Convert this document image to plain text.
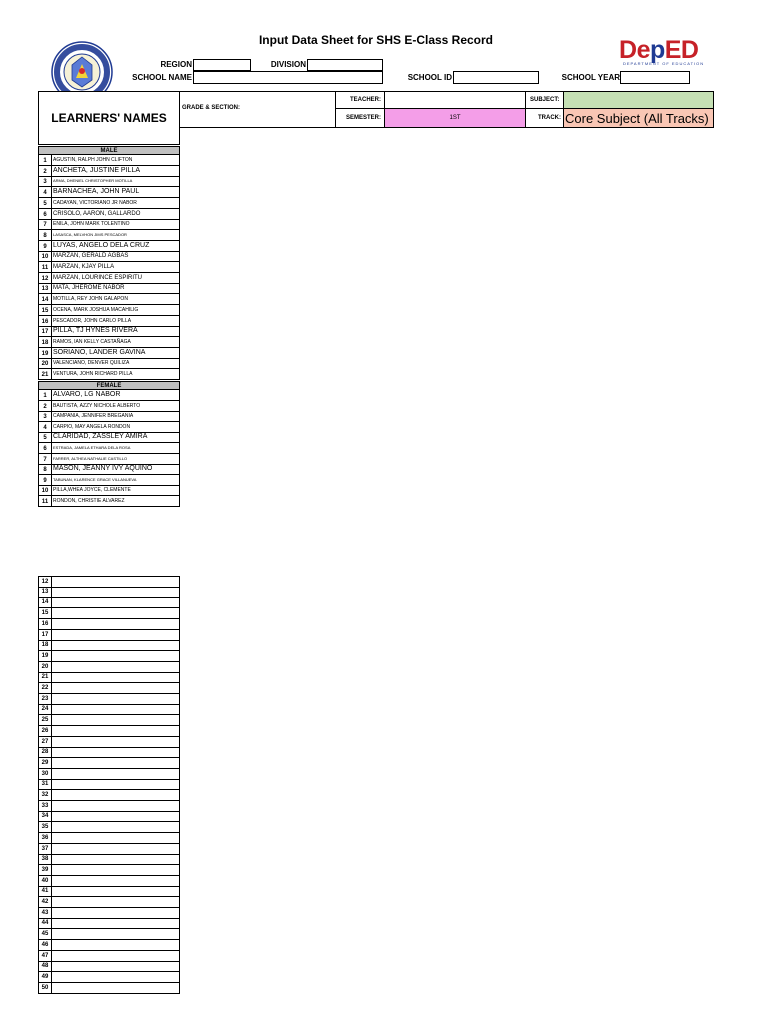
Input Data Sheet for SHS E-Class Record	DepED
DEPARTMENT OF EDUCATION
REGION	DIVISION
SCHOOL NAME	SCHOOL ID	SCHOOL YEAR
LEARNERS' NAMES
GRADE & SECTION:
TEACHER:	SUBJECT:
SEMESTER:	1ST	TRACK: Core Subject (All Tracks)
MALE
1	AGUSTIN, RALPH JOHN CLIFTON
2 ANCHETA, JUSTINE PILLA
3	ARMA, DHENIEL CHRISTOPHER MOTILLA
4 BARNACHEA, JOHN PAUL
5	CADAYAN, VICTORIANO JR NABOR
6	CRISOLO, AARON, GALLARDO
7	ENILA, JOHN MARK TOLENTINO
8	LASASCA, MELVHON JIMS PESCADOR
9 LUYAS, ANGELO DELA CRUZ
10 MARZAN, GERALD AGBAS
11 MARZAN, KJAY PILLA
12 MARZAN, LOURINCE ESPIRITU
13 MATA, JHEROME NABOR
14 MOTILLA, REY JOHN GALAPON
15 OCENA, MARK JOSHUA MACAHILIG
16 PESCADOR, JOHN CARLO PILLA
17 PILLA, TJ HYNES RIVERA
18 RAMOS, IAN KELLY CASTAÑAGA
19 SORIANO, LANDER GAVINA
20 VALENCIANO, DENVER QUILIZA
21 VENTURA, JOHN RICHARD PILLA
FEMALE
1 ALVARO, LG NABOR
2	BAUTISTA, AZZY NICHOLE ALBERTO
3	CAMPANIA, JENNIFER BREGANIA
4	CARPIO, MAY ANGELA RONDON
5 CLARIDAD, ZASSLEY AMIRA
6	ESTRADA, JAMELA ETHARA DELA ROSA
7	FARRER, ALTHEA NATHALIE CASTILLO
8 MASON, JEANNY IVY AQUINO
9	TABUNAN, KLARENCE GRACE VILLANUEVA
10 PILLA,WHEA JOYCE, CLEMENTE
11 RONDON, CHRISTIE ALVAREZ
12
13
14
15
16
17
18
19
20
21
22
23
24
25
26
27
28
29
30
31
32
33
34
35
36
37
38
39
40
41
42
43
44
45
46
47
48
49
50
